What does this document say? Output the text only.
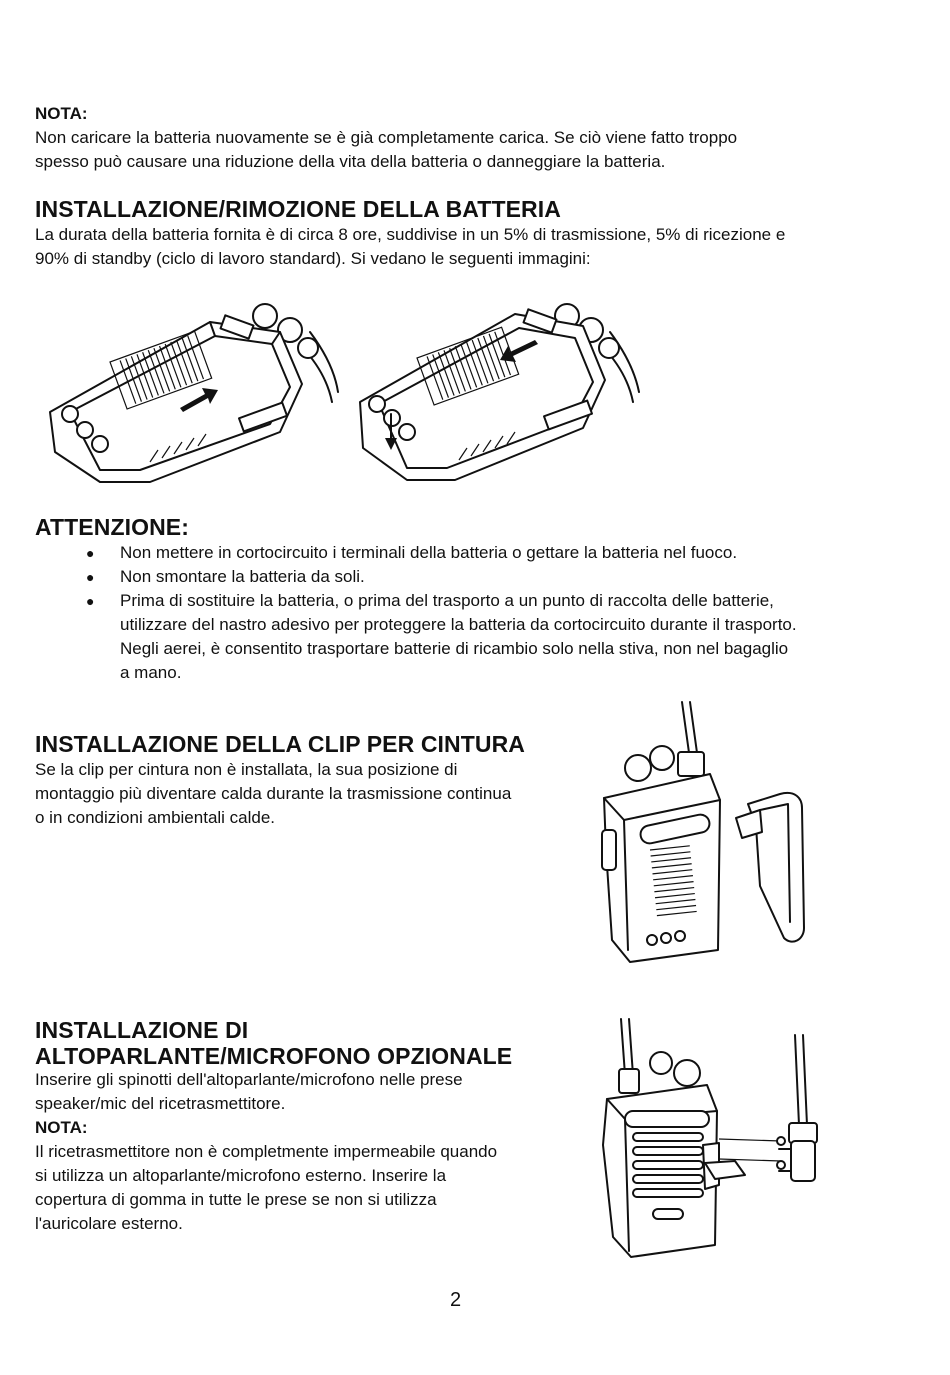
NOTA:
Non caricare la batteria nuovamente se è già completamente carica. Se ciò viene fatto troppo
spesso può causare una riduzione della vita della batteria o danneggiare la batteria.
INSTALLAZIONE/RIMOZIONE DELLA BATTERIA
La durata della batteria fornita è di circa 8 ore, suddivise in un 5% di trasmissione, 5% di ricezione e
90% di standby (ciclo di lavoro standard). Si vedano le seguenti immagini:
ATTENZIONE:
● Non mettere in cortocircuito i terminali della batteria o gettare la batteria nel fuoco.
● Non smontare la batteria da soli.
● Prima di sostituire la batteria, o prima del trasporto a un punto di raccolta delle batterie,
utilizzare del nastro adesivo per proteggere la batteria da cortocircuito durante il trasporto.
Negli aerei, è consentito trasportare batterie di ricambio solo nella stiva, non nel bagaglio
a mano.
INSTALLAZIONE DELLA CLIP PER CINTURA
Se la clip per cintura non è installata, la sua posizione di
montaggio più diventare calda durante la trasmissione continua
o in condizioni ambientali calde.
INSTALLAZIONE DI
ALTOPARLANTE/MICROFONO OPZIONALE
Inserire gli spinotti dell'altoparlante/microfono nelle prese
speaker/mic del ricetrasmettitore.
NOTA:
Il ricetrasmettitore non è completmente impermeabile quando
si utilizza un altoparlante/microfono esterno. Inserire la
copertura di gomma in tutte le prese se non si utilizza
l'auricolare esterno.
2
